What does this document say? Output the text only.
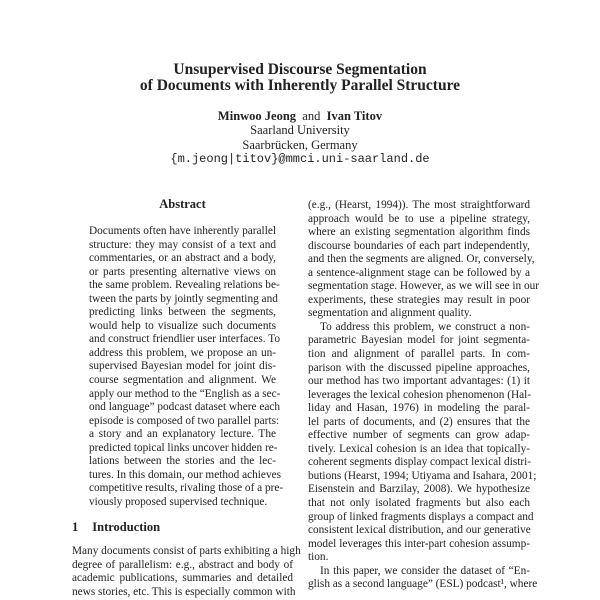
Unsupervised Discourse Segmentation
of Documents with Inherently Parallel Structure
Minwoo Jeong and Ivan Titov
Saarland University
Saarbrücken, Germany
{m.jeong|titov}@mmci.uni-saarland.de
Abstract
Documents often have inherently parallel
structure: they may consist of a text and
commentaries, or an abstract and a body,
or parts presenting alternative views on
the same problem. Revealing relations be-
tween the parts by jointly segmenting and
predicting links between the segments,
would help to visualize such documents
and construct friendlier user interfaces. To
address this problem, we propose an un-
supervised Bayesian model for joint dis-
course segmentation and alignment. We
apply our method to the “English as a sec-
ond language” podcast dataset where each
episode is composed of two parallel parts:
a story and an explanatory lecture. The
predicted topical links uncover hidden re-
lations between the stories and the lec-
tures. In this domain, our method achieves
competitive results, rivaling those of a pre-
viously proposed supervised technique.
1 Introduction
Many documents consist of parts exhibiting a high
degree of parallelism: e.g., abstract and body of
academic publications, summaries and detailed
news stories, etc. This is especially common with
(e.g., (Hearst, 1994)). The most straightforward
approach would be to use a pipeline strategy,
where an existing segmentation algorithm finds
discourse boundaries of each part independently,
and then the segments are aligned. Or, conversely,
a sentence-alignment stage can be followed by a
segmentation stage. However, as we will see in our
experiments, these strategies may result in poor
segmentation and alignment quality.
To address this problem, we construct a non-
parametric Bayesian model for joint segmenta-
tion and alignment of parallel parts. In com-
parison with the discussed pipeline approaches,
our method has two important advantages: (1) it
leverages the lexical cohesion phenomenon (Hal-
liday and Hasan, 1976) in modeling the paral-
lel parts of documents, and (2) ensures that the
effective number of segments can grow adap-
tively. Lexical cohesion is an idea that topically-
coherent segments display compact lexical distri-
butions (Hearst, 1994; Utiyama and Isahara, 2001;
Eisenstein and Barzilay, 2008). We hypothesize
that not only isolated fragments but also each
group of linked fragments displays a compact and
consistent lexical distribution, and our generative
model leverages this inter-part cohesion assump-
tion.
In this paper, we consider the dataset of “En-
glish as a second language” (ESL) podcast¹, where
